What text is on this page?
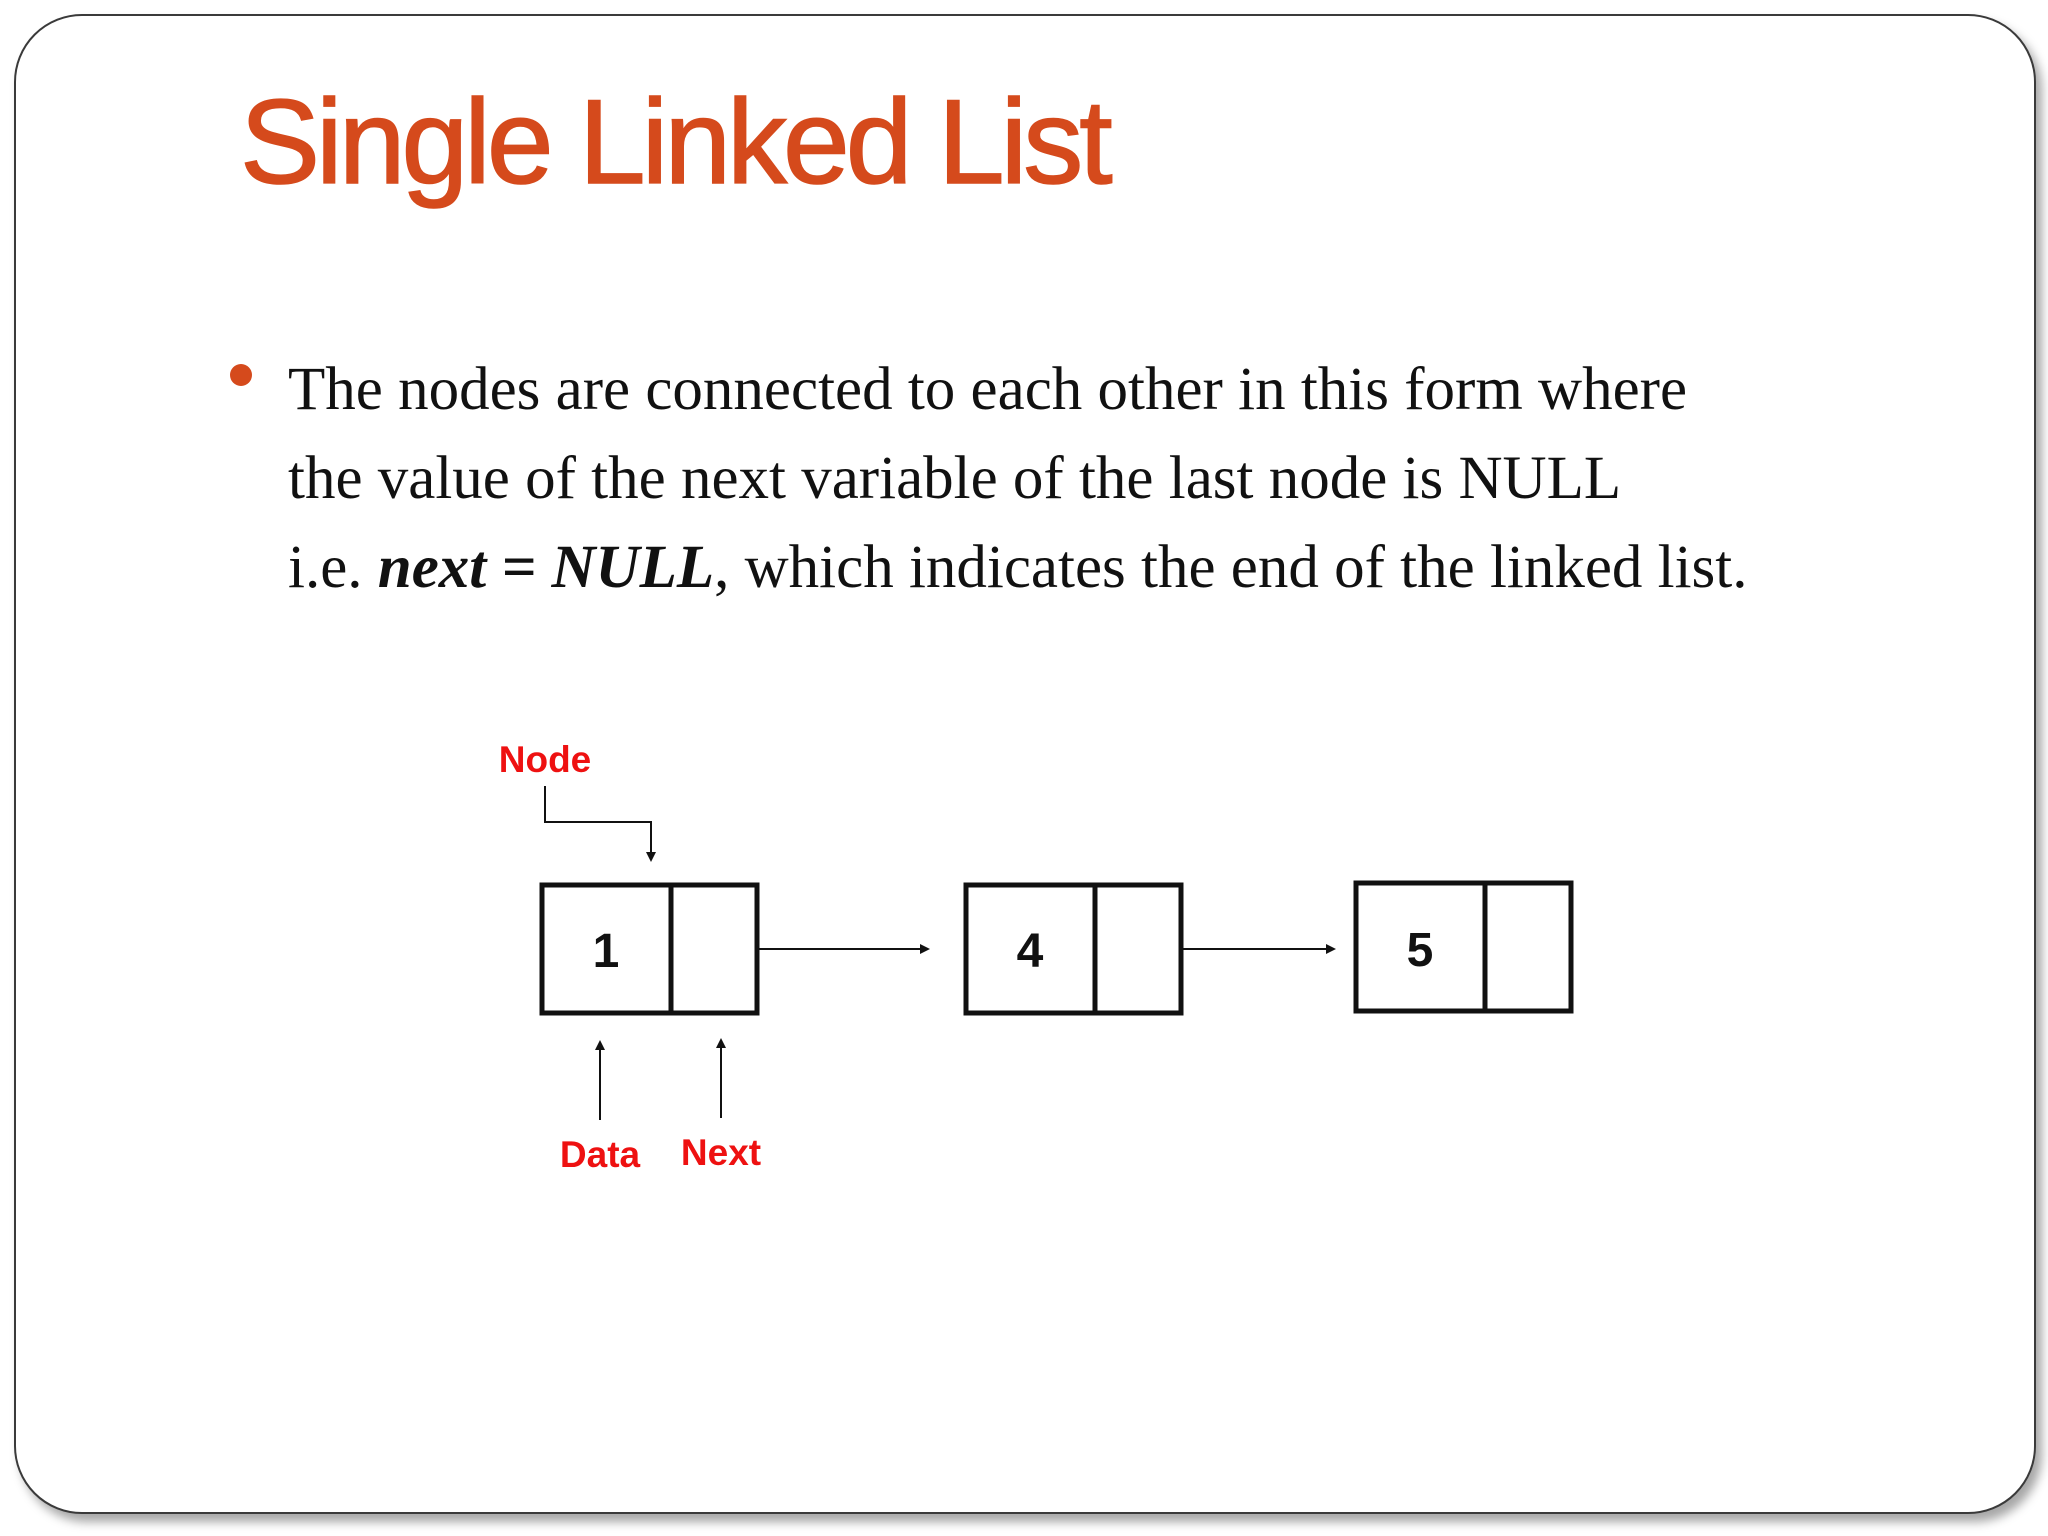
Single Linked List

The nodes are connected to each other in this form where
the value of the next variable of the last node is NULL
i.e. next = NULL, which indicates the end of the linked list.

1	4	5
Node
Data Next
